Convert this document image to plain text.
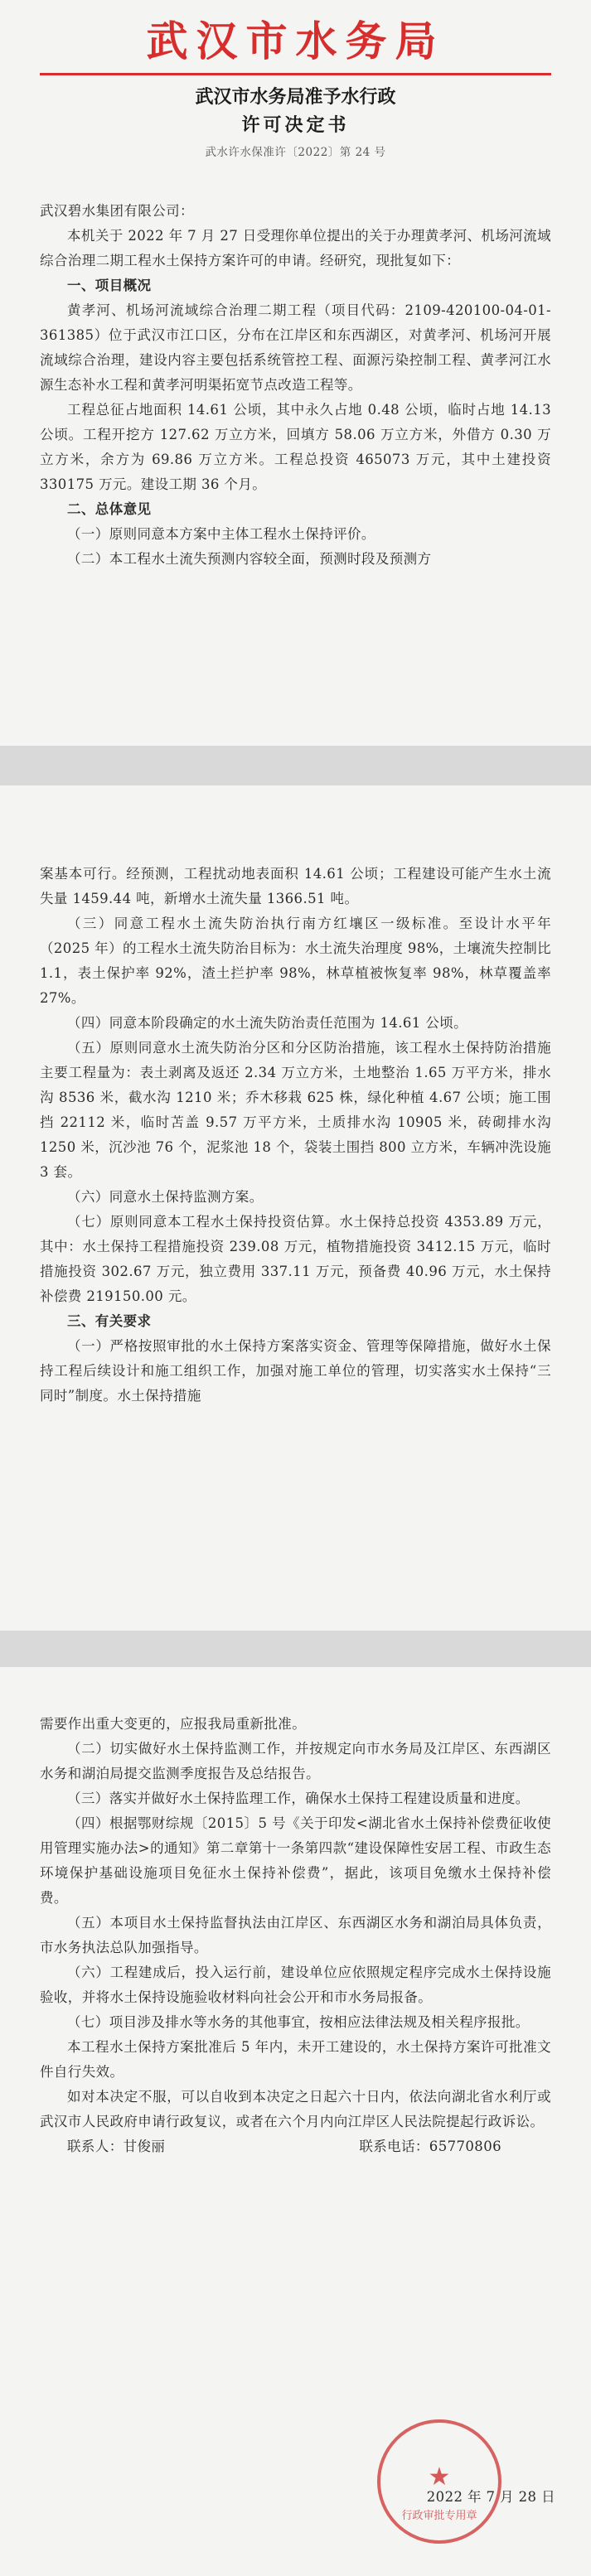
武汉市水务局
武汉市水务局准予水行政
许可决定书
武水许水保准许〔2022〕第 24 号

武汉碧水集团有限公司：

本机关于 2022 年 7 月 27 日受理你单位提出的关于办理黄孝河、机场河流域综合治理二期工程水土保持方案许可的申请。经研究，现批复如下：

一、项目概况

黄孝河、机场河流域综合治理二期工程（项目代码：2109-420100-04-01-361385）位于武汉市江口区，分布在江岸区和东西湖区，对黄孝河、机场河开展流域综合治理，建设内容主要包括系统管控工程、面源污染控制工程、黄孝河江水源生态补水工程和黄孝河明渠拓宽节点改造工程等。

工程总征占地面积 14.61 公顷，其中永久占地 0.48 公顷，临时占地 14.13 公顷。工程开挖方 127.62 万立方米，回填方 58.06 万立方米，外借方 0.30 万立方米，余方为 69.86 万立方米。工程总投资 465073 万元，其中土建投资 330175 万元。建设工期 36 个月。

二、总体意见

（一）原则同意本方案中主体工程水土保持评价。

（二）本工程水土流失预测内容较全面，预测时段及预测方

案基本可行。经预测，工程扰动地表面积 14.61 公顷；工程建设可能产生水土流失量 1459.44 吨，新增水土流失量 1366.51 吨。

（三）同意工程水土流失防治执行南方红壤区一级标准。至设计水平年（2025 年）的工程水土流失防治目标为：水土流失治理度 98%，土壤流失控制比 1.1，表土保护率 92%，渣土拦护率 98%，林草植被恢复率 98%，林草覆盖率 27%。

（四）同意本阶段确定的水土流失防治责任范围为 14.61 公顷。

（五）原则同意水土流失防治分区和分区防治措施，该工程水土保持防治措施主要工程量为：表土剥离及返还 2.34 万立方米，土地整治 1.65 万平方米，排水沟 8536 米，截水沟 1210 米；乔木移栽 625 株，绿化种植 4.67 公顷；施工围挡 22112 米，临时苫盖 9.57 万平方米，土质排水沟 10905 米，砖砌排水沟 1250 米，沉沙池 76 个，泥浆池 18 个，袋装土围挡 800 立方米，车辆冲洗设施 3 套。

（六）同意水土保持监测方案。

（七）原则同意本工程水土保持投资估算。水土保持总投资 4353.89 万元，其中：水土保持工程措施投资 239.08 万元，植物措施投资 3412.15 万元，临时措施投资 302.67 万元，独立费用 337.11 万元，预备费 40.96 万元，水土保持补偿费 219150.00 元。

三、有关要求

（一）严格按照审批的水土保持方案落实资金、管理等保障措施，做好水土保持工程后续设计和施工组织工作，加强对施工单位的管理，切实落实水土保持“三同时”制度。水土保持措施

需要作出重大变更的，应报我局重新批准。

（二）切实做好水土保持监测工作，并按规定向市水务局及江岸区、东西湖区水务和湖泊局提交监测季度报告及总结报告。

（三）落实并做好水土保持监理工作，确保水土保持工程建设质量和进度。

（四）根据鄂财综规〔2015〕5 号《关于印发<湖北省水土保持补偿费征收使用管理实施办法>的通知》第二章第十一条第四款“建设保障性安居工程、市政生态环境保护基础设施项目免征水土保持补偿费”，据此，该项目免缴水土保持补偿费。

（五）本项目水土保持监督执法由江岸区、东西湖区水务和湖泊局具体负责，市水务执法总队加强指导。

（六）工程建成后，投入运行前，建设单位应依照规定程序完成水土保持设施验收，并将水土保持设施验收材料向社会公开和市水务局报备。

（七）项目涉及排水等水务的其他事宜，按相应法律法规及相关程序报批。

本工程水土保持方案批准后 5 年内，未开工建设的，水土保持方案许可批准文件自行失效。

如对本决定不服，可以自收到本决定之日起六十日内，依法向湖北省水利厅或武汉市人民政府申请行政复议，或者在六个月内向江岸区人民法院提起行政诉讼。

联系人：甘俊丽	联系电话：65770806

★
行政审批专用章
2022 年 7 月 28 日
